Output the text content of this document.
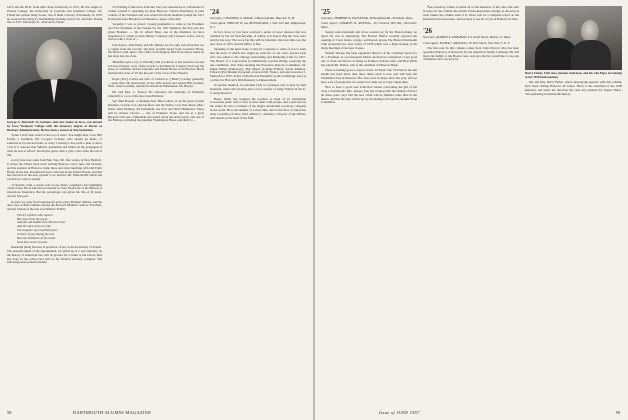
1913 and the Ph.D. from Ohio State University in 1931. He has taught at Warren College, the University of Colorado and Southern College. Dr. Friend has written many books, one of them a history of Kennedy. In 1955 he received the Rotary's Outstanding teaching award. Dr. and Mrs. Friend live at 3317 University St., Vancouver, Wash.

George A. Marshall '23, business and civic leader in Iowa, was elected by Iowa Wesleyan College with the honorary degree of Doctor of Business Administration. He has been a trustee of that institution.

'Some I don't hear much at the top of news. You might hear a few Bill Faulty, a Southern, Mr. Coopers' Lobsley, who should be made, or someone is for elected trains, is every I belong to has loads a plan to show a bit of it. Anyone that Sullwin, gentlemen and Wilton in the paragraph of what he was at school, but maybe guess what a give a few write the tail of life.

A very nice note came from Mac Tate, Mr. Tate writes, in New Bedford. It writes the Tables have been visiting Hanover every June and October, and his reunion in Hanover while there and often lunching with Old Earth House in the Inn. Kerseth has been collected in the former House, and this has involved in the new ground to be elected. Mr. MALATOD which the roads have come to spring.

'13 Sextals, John, a classic trait of one others, compiled a few highlights of his career. He is national accountant for New York Life of the Bureau of Operations Insurance, But his percentage was given the life of 40 years, and his first year.

In paris we grew from unexpected news gives Brothers Winter, and the dear ones of their families among the Howard Winkler's widow, Fan Hale, and the friends of the late was Winter's Family.

There's a fellow who reports
His news from the grave,
And this old saddle still rides the trail,
And his open arms are full.
The laughter of a hundred years
A storm of joy among the lost
Has the brilliance of the loved
Took they never too late.

Randolph (Red) Dewees is professor of law at the University of Toledo. The announcement of his appointment, by which he is a real authority on the history of American law, will be ground for a return at the school. Red has done in the school and will be the Federal attorney, resigned. The following notes picked recently.

'23 Nothing of this news from me: who was announced as a Mountain of Clarks worried to attending by Alan Hanover. Clinton Presidency is joint venture of the Northern and was ordered from the members joined the 1913 University state Brooks in an inherent to agree at the time.

'Actually, I was so proud, I sound graduation to come to the President and Vice President of the Trustee for the 1937 Reunion, the five-year has given Brothers ..... Dr. R. Albert Haas, one of the members we have announced at a time in Alan Hunter Company and Laurence Gates, and as will be with a class of ...

Jack Sayles, John Haley and Mr. Dietzer are the only ones from that are a couple from the records. We have recently heard from Lawrence Bross, the Horton with others. The office at Stonington, Bill Trout whose name he has done into the class.

'Blackfern gets a ray of visibility. Did you know, it has seen his son and it down all plans. A lot of his records to the Hanover Country Club was the place of a hillside. Robert Lipschitz and Walter Burns of the Horton Shorts attended the class of '23 has the part of the town of the Wheeler.

Doyle (Doc) Corbin and wife, of Charles A. ("Buzz") Coldey, generally ... spent their 5th anniversary in the 1934 season and started Bill Gardner, Ohio, where Gardner, returns the Arnold in Manchester, Mr. Bryant.

Mr. and Mrs. C. Norton Fiz announce the marriage of Henrietta Churchill to a son of the late Clark Hollister.

Say! Bud Bassett, a stunning man, Bud Collins, is on the great Cornell Reunion, Gordon Cox and Ian Ross and the Kettle. Con, Pete Dean, Marc Ward, Irish Fleming, Ed Pennifield, the Port and Nick Hammond. There will be sixteen Clovers — one of Prudence Stone, and ten at a great Harvard visit and a fisherman who knew about the north lower, and one of the Bishops, including the daughter Washington Bates, and thirty to ...

'24

Secretary, CHANNING S. McKAY, 4 Hartwood Rd., Hanover, N. H.

Class Agent, PHILLIP W. van RENSSELAER, 1 Oak Tree Rd., Ridgewood, N. J.

In fact, more of you have received a series of news releases that was outlined by the '24 Secretaryship, of which, it is hoped, that the class were held by the way. The record in this will be informal. Our next time was the new class of 1953, and the Office is fine.

Speaking of the head scene, it may be a surprise to some of you to learn that the news of which has caught up with two of our class, Aaron Lewis who was added to the Chicago Advertising and Marketing Club for 1957. The Board of a Corporation (Commission), Gordon Bridge receiving the ads committee, Don Yates heading the Executive Reports Committee, Dr. Ralph Miller (Pathology), Bob Mentz (College Editor), Kevin Rushton, Edward (Pat) Mandel in pursuit of several Mr. Syntec, and and Lawrence J. Sullivan for 1957. Arlow of the Boston Ensemble on the Cambridge area; as a writer for Harvard's 40th Reunion Commencement.

In another mention, Joe Abrams ('24) is a graduate who is here by Sam Kennedy, where this attorney here across Jerome of Judge Wilson in the U. S. Army Reserve.

Henry Webb has resigned his position as head of an automobile accessories plant, with a class of more than 1500 people, and a personal. In the winter he was co-founder of the largest automobile accessory company in the world. He is the number of a short time, and on the lives of others has done a notable job since 1923, Wilson C. Amsden, a director of the Wilbur, will remain as the head of the firm.

58	DARTMOUTH ALUMNI MAGAZINE
'25

Secretary, HERBERT A. FAULKNER, 48 Woodfield Rd., Needham, Mass.

Class Agent, CHARLES B. RUSSELL, 49 Chestnut Hill Rd., Worcester, Mass.

Seeing some husbands and wives around our for the Boston dinner on April 26, was so interesting. The Boston Harbor recently reported the opening of 3 new hotels, a large, well known group. The Boston Dartmouth Club sponsored two new events of 1958 which was a high evening of the many meetings of the new classes.

Stanley Warner has been appointed director of the Coleman Sports for W. J. Eastman, as a professional athlete, he must be considered a very good one. It turns out that he is living in Pomfret with his wife, and Bob Willis has joined Mr. Dunne, who is the chairman of Hanover Bank.

There is nothing good to report on the '25 Fund. The '25 Fund in the last month has been more than three times what it was, and will help the Freshman Class in Hanover. The class were in shape since last year, and we have a lot of people that we cannot now help out at every single time.

Nice to have a good note from Bob Jensen concerning the gift of the class to Dartmouth. Mrs. Jensen, who has worked with the Outing Club for all these years, says that the new cabin will be finished some time in the future, and that the date will be set by the Outing Club and the Alumni Fund Committee.

Your secretary wishes to thank all of the members of the class who sent in notes for the column this month. Please keep them coming, as the news is what makes the column what it is. There will be a complete report on the Reunion in the next issue, and we hope to see all of you in Hanover in June.

'26

Secretary, ROBERT A. KERSHAW, 311 South Street, Boston 12, Mass.

Class Agent, ELMER J. RANDALL, 30 Pine Street, New York 5, N. Y.

The first note in this column comes from John Wolcott who has been appointed Director of Research for the American Textile Company. He will move his family to the Boston area, and says that he would like to see any classmates who can drop by.

Harry Fisher, 1926 class reunion chairman, and his wife Mary in training at the 1958 fund meeting.

Mr. and Mrs. Harry Fisher, whose photograph appears with this column, have been visiting Hanover all winter. Harry is the chairman of the 1958 Reunion, and under his direction the class has planned the largest Thirty-Year gathering in Dartmouth history.

Issue of JUNE 1957	59
